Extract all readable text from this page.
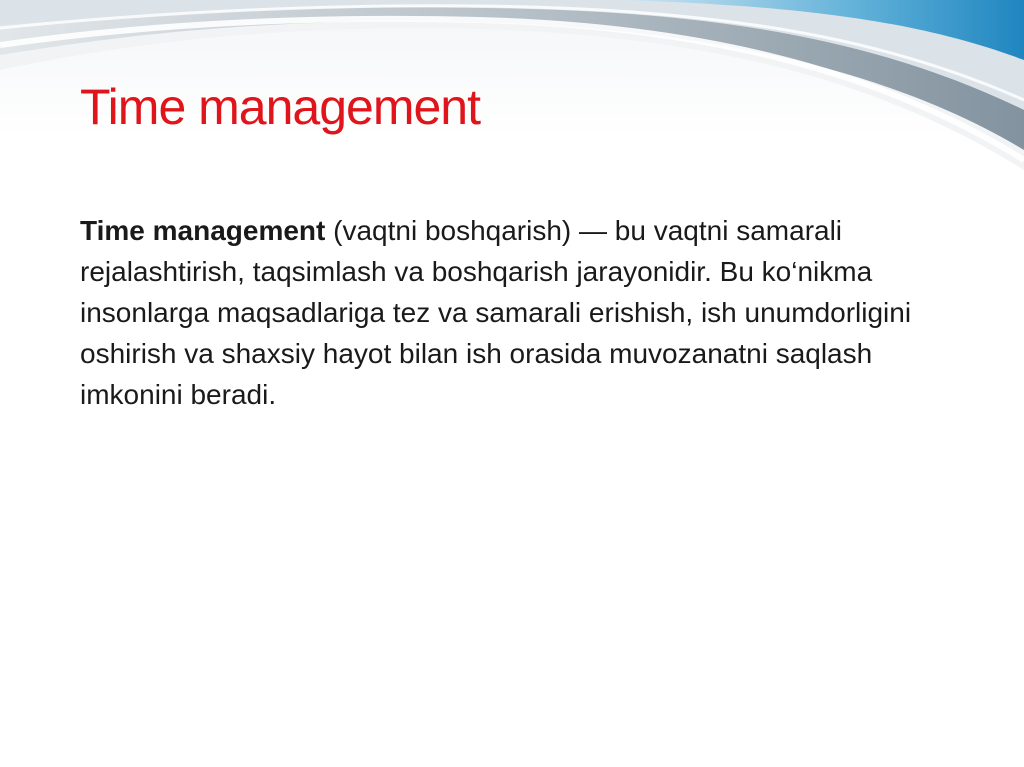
Time management

Time management (vaqtni boshqarish) — bu vaqtni samarali rejalashtirish, taqsimlash va boshqarish jarayonidir. Bu ko‘nikma insonlarga maqsadlariga tez va samarali erishish, ish unumdorligini oshirish va shaxsiy hayot bilan ish orasida muvozanatni saqlash imkonini beradi.
